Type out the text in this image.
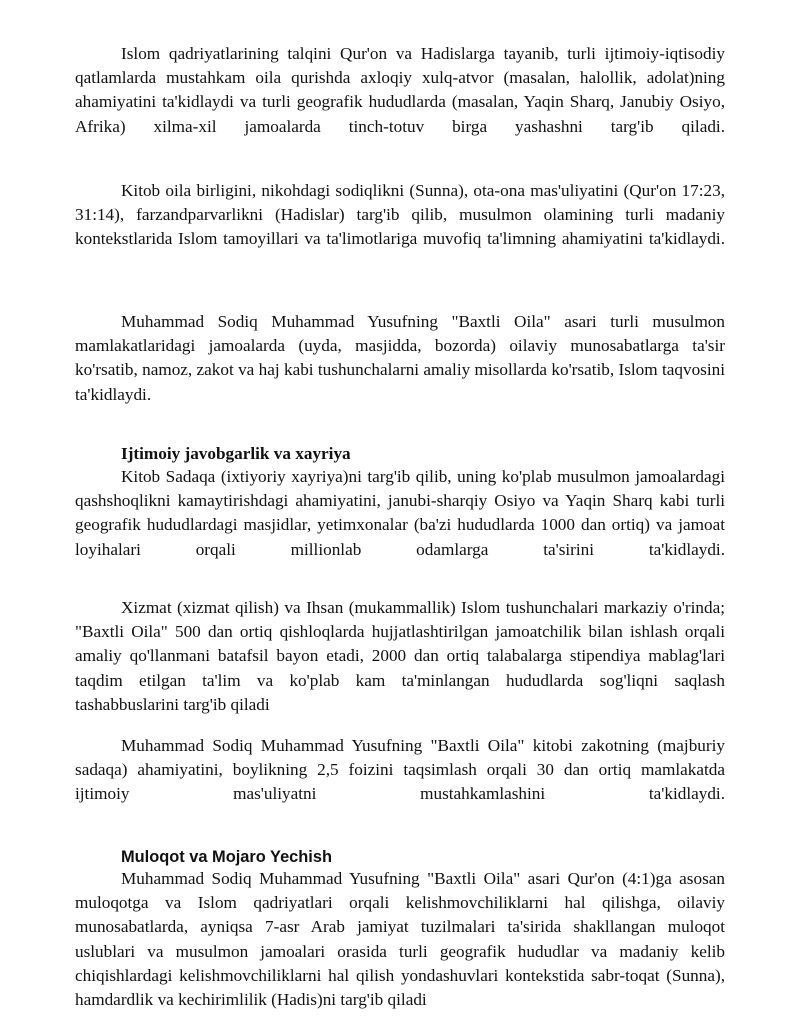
Islom qadriyatlarining talqini Qur'on va Hadislarga tayanib, turli ijtimoiy-iqtisodiy qatlamlarda mustahkam oila qurishda axloqiy xulq-atvor (masalan, halollik, adolat)ning ahamiyatini ta'kidlaydi va turli geografik hududlarda (masalan, Yaqin Sharq, Janubiy Osiyo, Afrika) xilma-xil jamoalarda tinch-totuv birga yashashni targ'ib qiladi.

Kitob oila birligini, nikohdagi sodiqlikni (Sunna), ota-ona mas'uliyatini (Qur'on 17:23, 31:14), farzandparvarlikni (Hadislar) targ'ib qilib, musulmon olamining turli madaniy kontekstlarida Islom tamoyillari va ta'limotlariga muvofiq ta'limning ahamiyatini ta'kidlaydi.

Muhammad Sodiq Muhammad Yusufning "Baxtli Oila" asari turli musulmon mamlakatlaridagi jamoalarda (uyda, masjidda, bozorda) oilaviy munosabatlarga ta'sir ko'rsatib, namoz, zakot va haj kabi tushunchalarni amaliy misollarda ko'rsatib, Islom taqvosini ta'kidlaydi.

Ijtimoiy javobgarlik va xayriya

Kitob Sadaqa (ixtiyoriy xayriya)ni targ'ib qilib, uning ko'plab musulmon jamoalardagi qashshoqlikni kamaytirishdagi ahamiyatini, janubi-sharqiy Osiyo va Yaqin Sharq kabi turli geografik hududlardagi masjidlar, yetimxonalar (ba'zi hududlarda 1000 dan ortiq) va jamoat loyihalari orqali millionlab odamlarga ta'sirini ta'kidlaydi.

Xizmat (xizmat qilish) va Ihsan (mukammallik) Islom tushunchalari markaziy o'rinda; "Baxtli Oila" 500 dan ortiq qishloqlarda hujjatlashtirilgan jamoatchilik bilan ishlash orqali amaliy qo'llanmani batafsil bayon etadi, 2000 dan ortiq talabalarga stipendiya mablag'lari taqdim etilgan ta'lim va ko'plab kam ta'minlangan hududlarda sog'liqni saqlash tashabbuslarini targ'ib qiladi

Muhammad Sodiq Muhammad Yusufning "Baxtli Oila" kitobi zakotning (majburiy sadaqa) ahamiyatini, boylikning 2,5 foizini taqsimlash orqali 30 dan ortiq mamlakatda ijtimoiy mas'uliyatni mustahkamlashini ta'kidlaydi.

Muloqot va Mojaro Yechish

Muhammad Sodiq Muhammad Yusufning "Baxtli Oila" asari Qur'on (4:1)ga asosan muloqotga va Islom qadriyatlari orqali kelishmovchiliklarni hal qilishga, oilaviy munosabatlarda, ayniqsa 7-asr Arab jamiyat tuzilmalari ta'sirida shakllangan muloqot uslublari va musulmon jamoalari orasida turli geografik hududlar va madaniy kelib chiqishlardagi kelishmovchiliklarni hal qilish yondashuvlari kontekstida sabr-toqat (Sunna), hamdardlik va kechirimlilik (Hadis)ni targ'ib qiladi
